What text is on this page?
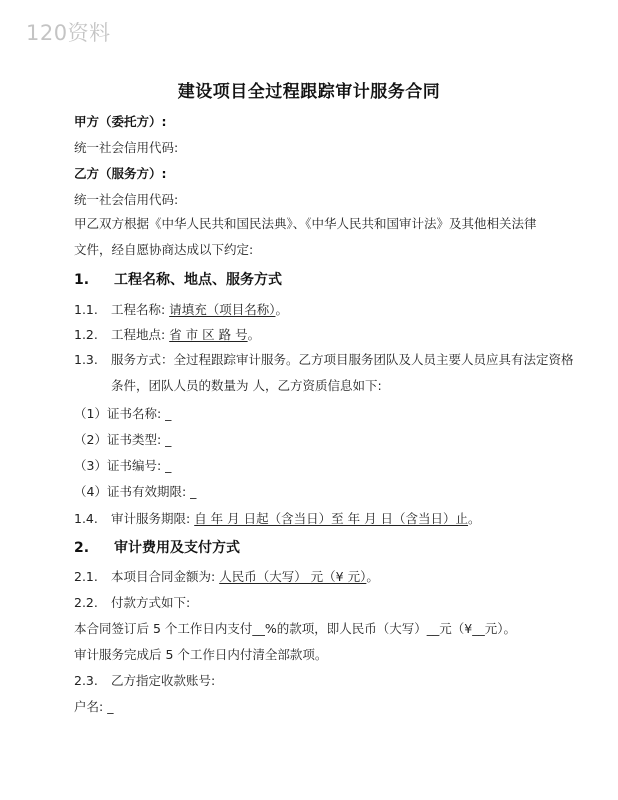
120资料
建设项目全过程跟踪审计服务合同
甲方（委托方）:
统一社会信用代码:
乙方（服务方）:
统一社会信用代码:
甲乙双方根据《中华人民共和国民法典》、《中华人民共和国审计法》及其他相关法律文件，经自愿协商达成以下约定:
1. 工程名称、地点、服务方式
1.1. 工程名称: 请填充（项目名称）。
1.2. 工程地点: 省 市 区 路 号。
1.3. 服务方式：全过程跟踪审计服务。乙方项目服务团队及人员主要人员应具有法定资格条件，团队人员的数量为 人，乙方资质信息如下:
（1）证书名称: _
（2）证书类型: _
（3）证书编号: _
（4）证书有效期限: _
1.4. 审计服务期限: 自 年 月 日起（含当日）至 年 月 日（含当日）止。
2. 审计费用及支付方式
2.1. 本项目合同金额为: 人民币（大写） 元（¥ 元）。
2.2. 付款方式如下:
本合同签订后 5 个工作日内支付__%的款项，即人民币（大写）__元（¥__元）。
审计服务完成后 5 个工作日内付清全部款项。
2.3. 乙方指定收款账号:
户名: _
